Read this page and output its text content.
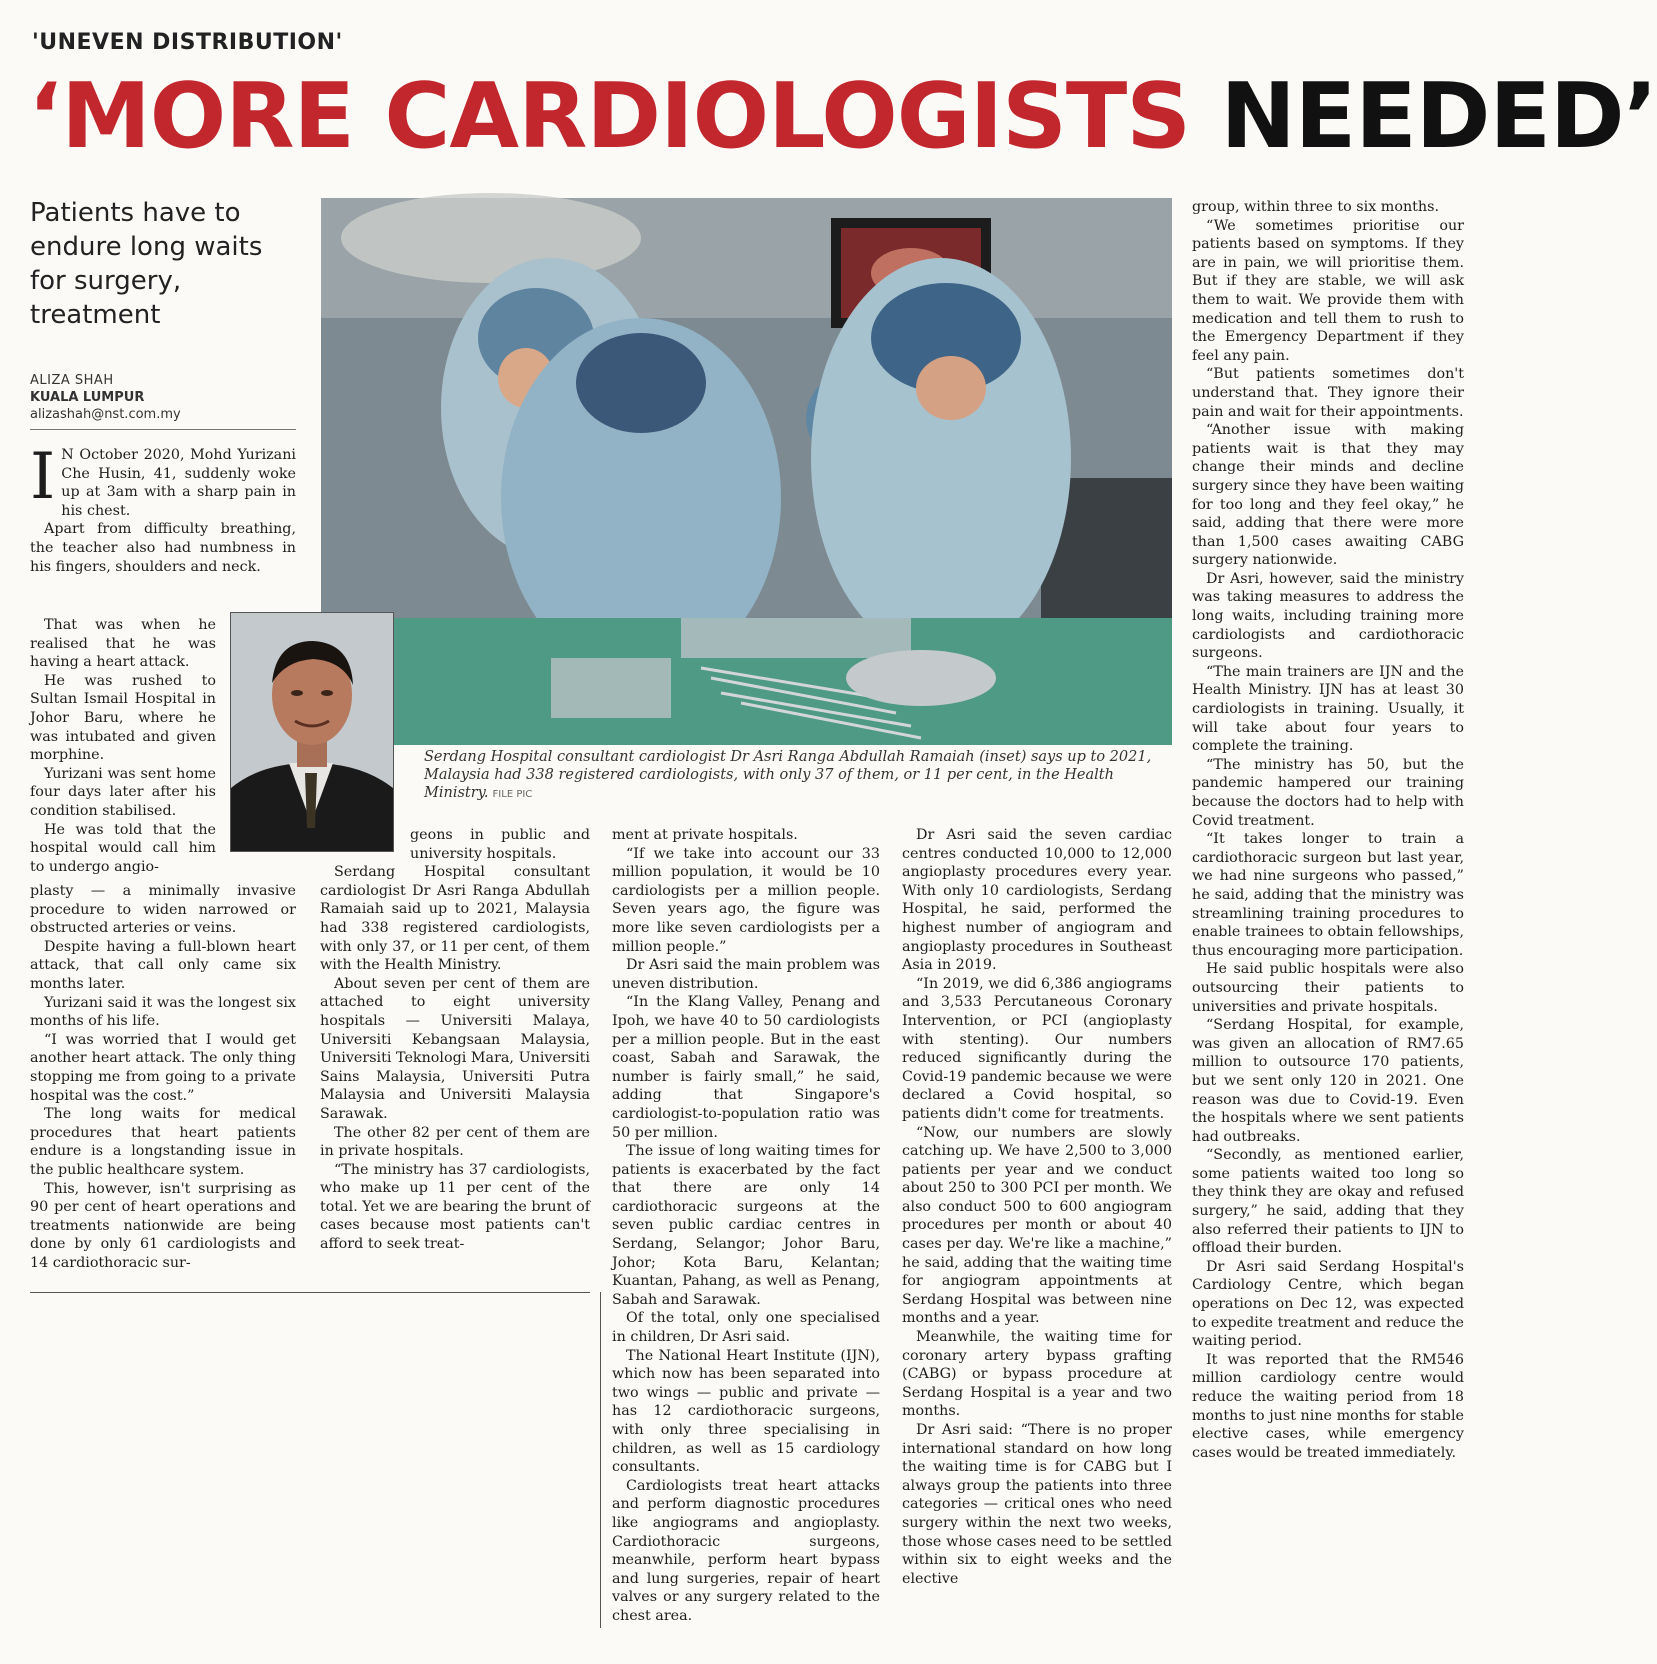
'UNEVEN DISTRIBUTION'
‘MORE CARDIOLOGISTS NEEDED’
Patients have to endure long waits for surgery, treatment
ALIZA SHAH
KUALA LUMPUR
alizashah@nst.com.my
Serdang Hospital consultant cardiologist Dr Asri Ranga Abdullah Ramaiah (inset) says up to 2021, Malaysia had 338 registered cardiologists, with only 37 of them, or 11 per cent, in the Health Ministry. FILE PIC

I N October 2020, Mohd Yurizani Che Husin, 41, suddenly woke up at 3am with a sharp pain in his chest.

Apart from difficulty breathing, the teacher also had numbness in his fingers, shoulders and neck.

That was when he realised that he was having a heart attack.

He was rushed to Sultan Ismail Hospital in Johor Baru, where he was intubated and given morphine.

Yurizani was sent home four days later after his condition stabilised.

He was told that the hospital would call him to undergo angio-

plasty — a minimally invasive procedure to widen narrowed or obstructed arteries or veins.

Despite having a full-blown heart attack, that call only came six months later.

Yurizani said it was the longest six months of his life.

“I was worried that I would get another heart attack. The only thing stopping me from going to a private hospital was the cost.”

The long waits for medical procedures that heart patients endure is a longstanding issue in the public healthcare system.

This, however, isn't surprising as 90 per cent of heart operations and treatments nationwide are being done by only 61 cardiologists and 14 cardiothoracic sur-

geons in public and university hospitals.

Serdang Hospital consultant cardiologist Dr Asri Ranga Abdullah Ramaiah said up to 2021, Malaysia had 338 registered cardiologists, with only 37, or 11 per cent, of them with the Health Ministry.

About seven per cent of them are attached to eight university hospitals — Universiti Malaya, Universiti Kebangsaan Malaysia, Universiti Teknologi Mara, Universiti Sains Malaysia, Universiti Putra Malaysia and Universiti Malaysia Sarawak.

The other 82 per cent of them are in private hospitals.

“The ministry has 37 cardiologists, who make up 11 per cent of the total. Yet we are bearing the brunt of cases because most patients can't afford to seek treat-

ment at private hospitals.

“If we take into account our 33 million population, it would be 10 cardiologists per a million people. Seven years ago, the figure was more like seven cardiologists per a million people.”

Dr Asri said the main problem was uneven distribution.

“In the Klang Valley, Penang and Ipoh, we have 40 to 50 cardiologists per a million people. But in the east coast, Sabah and Sarawak, the number is fairly small,” he said, adding that Singapore's cardiologist-to-population ratio was 50 per million.

The issue of long waiting times for patients is exacerbated by the fact that there are only 14 cardiothoracic surgeons at the seven public cardiac centres in Serdang, Selangor; Johor Baru, Johor; Kota Baru, Kelantan; Kuantan, Pahang, as well as Penang, Sabah and Sarawak.

Of the total, only one specialised in children, Dr Asri said.

The National Heart Institute (IJN), which now has been separated into two wings — public and private — has 12 cardiothoracic surgeons, with only three specialising in children, as well as 15 cardiology consultants.

Cardiologists treat heart attacks and perform diagnostic procedures like angiograms and angioplasty. Cardiothoracic surgeons, meanwhile, perform heart bypass and lung surgeries, repair of heart valves or any surgery related to the chest area.

Dr Asri said the seven cardiac centres conducted 10,000 to 12,000 angioplasty procedures every year. With only 10 cardiologists, Serdang Hospital, he said, performed the highest number of angiogram and angioplasty procedures in Southeast Asia in 2019.

“In 2019, we did 6,386 angiograms and 3,533 Percutaneous Coronary Intervention, or PCI (angioplasty with stenting). Our numbers reduced significantly during the Covid-19 pandemic because we were declared a Covid hospital, so patients didn't come for treatments.

“Now, our numbers are slowly catching up. We have 2,500 to 3,000 patients per year and we conduct about 250 to 300 PCI per month. We also conduct 500 to 600 angiogram procedures per month or about 40 cases per day. We're like a machine,” he said, adding that the waiting time for angiogram appointments at Serdang Hospital was between nine months and a year.

Meanwhile, the waiting time for coronary artery bypass grafting (CABG) or bypass procedure at Serdang Hospital is a year and two months.

Dr Asri said: “There is no proper international standard on how long the waiting time is for CABG but I always group the patients into three categories — critical ones who need surgery within the next two weeks, those whose cases need to be settled within six to eight weeks and the elective

group, within three to six months.

“We sometimes prioritise our patients based on symptoms. If they are in pain, we will prioritise them. But if they are stable, we will ask them to wait. We provide them with medication and tell them to rush to the Emergency Department if they feel any pain.

“But patients sometimes don't understand that. They ignore their pain and wait for their appointments.

“Another issue with making patients wait is that they may change their minds and decline surgery since they have been waiting for too long and they feel okay,” he said, adding that there were more than 1,500 cases awaiting CABG surgery nationwide.

Dr Asri, however, said the ministry was taking measures to address the long waits, including training more cardiologists and cardiothoracic surgeons.

“The main trainers are IJN and the Health Ministry. IJN has at least 30 cardiologists in training. Usually, it will take about four years to complete the training.

“The ministry has 50, but the pandemic hampered our training because the doctors had to help with Covid treatment.

“It takes longer to train a cardiothoracic surgeon but last year, we had nine surgeons who passed,” he said, adding that the ministry was streamlining training procedures to enable trainees to obtain fellowships, thus encouraging more participation.

He said public hospitals were also outsourcing their patients to universities and private hospitals.

“Serdang Hospital, for example, was given an allocation of RM7.65 million to outsource 170 patients, but we sent only 120 in 2021. One reason was due to Covid-19. Even the hospitals where we sent patients had outbreaks.

“Secondly, as mentioned earlier, some patients waited too long so they think they are okay and refused surgery,” he said, adding that they also referred their patients to IJN to offload their burden.

Dr Asri said Serdang Hospital's Cardiology Centre, which began operations on Dec 12, was expected to expedite treatment and reduce the waiting period.

It was reported that the RM546 million cardiology centre would reduce the waiting period from 18 months to just nine months for stable elective cases, while emergency cases would be treated immediately.
